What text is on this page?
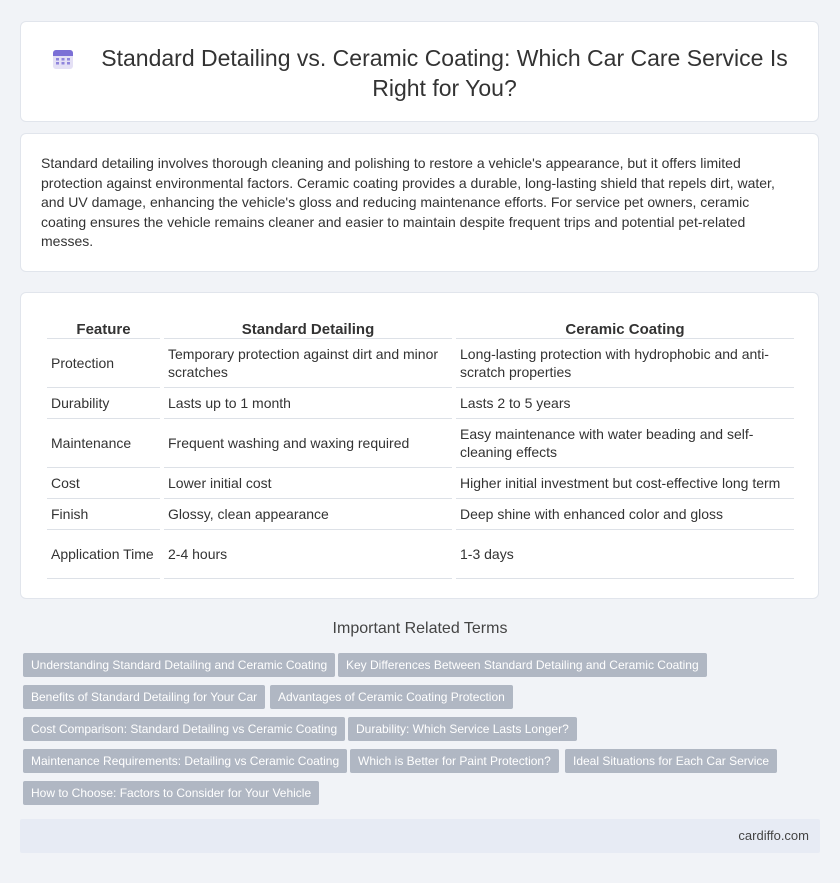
Standard Detailing vs. Ceramic Coating: Which Car Care Service Is Right for You?

Standard detailing involves thorough cleaning and polishing to restore a vehicle's appearance, but it offers limited protection against environmental factors. Ceramic coating provides a durable, long-lasting shield that repels dirt, water, and UV damage, enhancing the vehicle's gloss and reducing maintenance efforts. For service pet owners, ceramic coating ensures the vehicle remains cleaner and easier to maintain despite frequent trips and potential pet-related messes.

Feature	Standard Detailing	Ceramic Coating
Protection	Temporary protection against dirt and minor scratches	Long-lasting protection with hydrophobic and anti-scratch properties
Durability	Lasts up to 1 month	Lasts 2 to 5 years
Maintenance	Frequent washing and waxing required	Easy maintenance with water beading and self-cleaning effects
Cost	Lower initial cost	Higher initial investment but cost-effective long term
Finish	Glossy, clean appearance	Deep shine with enhanced color and gloss
Application Time	2-4 hours	1-3 days
Important Related Terms
Understanding Standard Detailing and Ceramic Coating	Key Differences Between Standard Detailing and Ceramic Coating
Benefits of Standard Detailing for Your Car	Advantages of Ceramic Coating Protection
Cost Comparison: Standard Detailing vs Ceramic Coating	Durability: Which Service Lasts Longer?
Maintenance Requirements: Detailing vs Ceramic Coating	Which is Better for Paint Protection?	Ideal Situations for Each Car Service
How to Choose: Factors to Consider for Your Vehicle
cardiffo.com
